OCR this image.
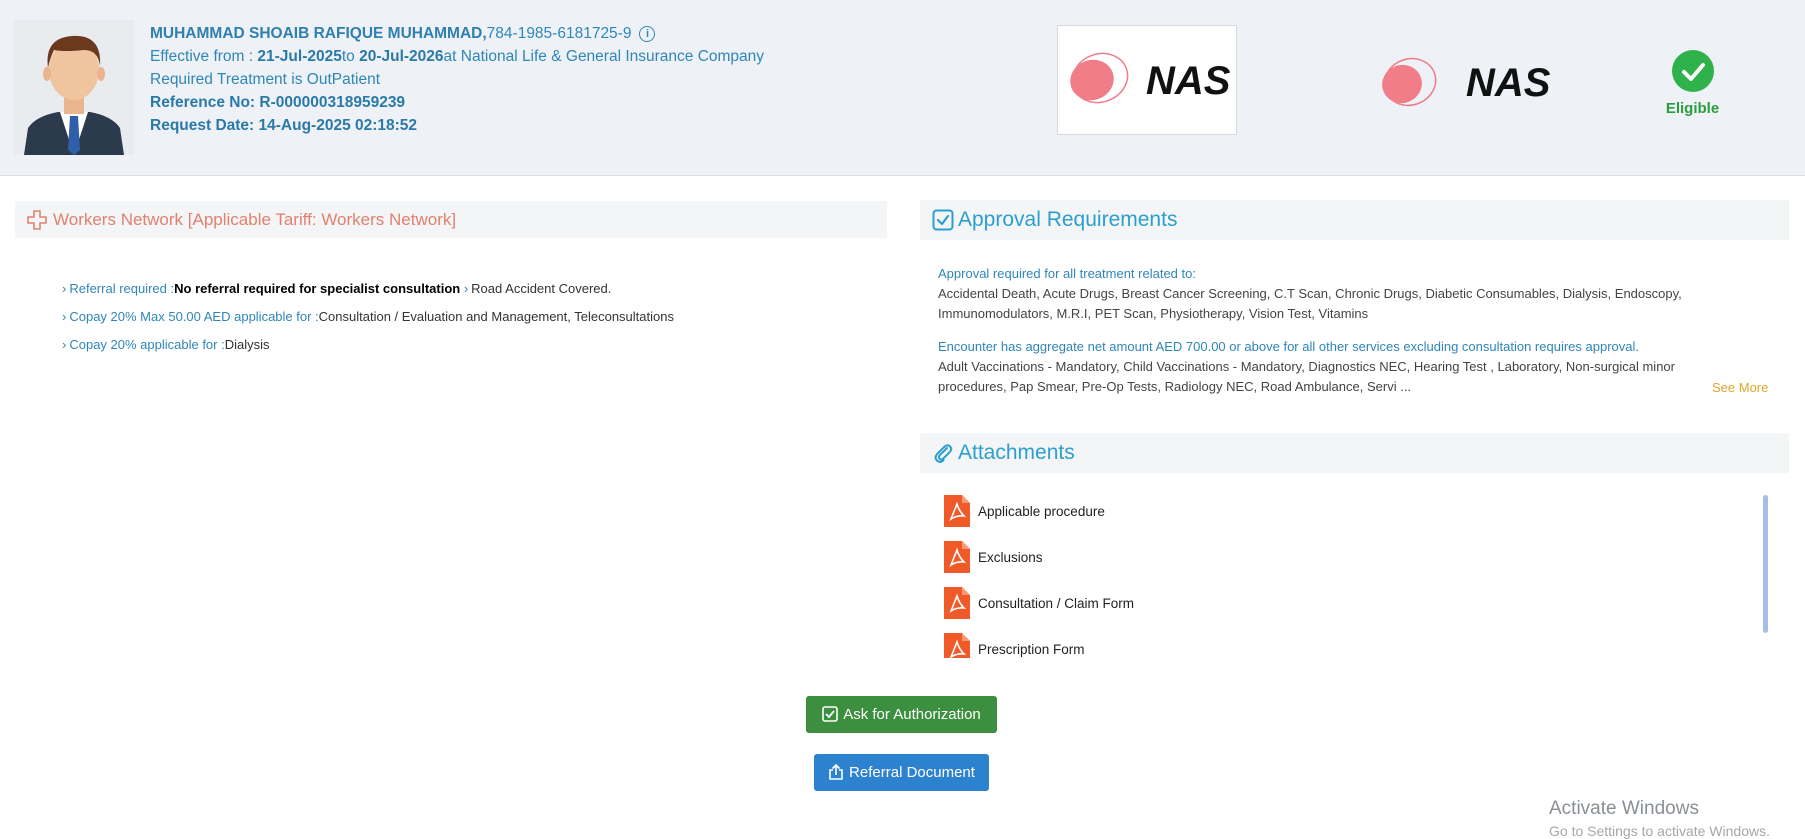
MUHAMMAD SHOAIB RAFIQUE MUHAMMAD,784-1985-6181725-9 i
Effective from : 21-Jul-2025to 20-Jul-2026at National Life & General Insurance Company
Required Treatment is OutPatient
Reference No: R-000000318959239
Request Date: 14-Aug-2025 02:18:52
NAS	NAS
Eligible
Workers Network [Applicable Tariff: Workers Network]
› Referral required :No referral required for specialist consultation › Road Accident Covered.
› Copay 20% Max 50.00 AED applicable for :Consultation / Evaluation and Management, Teleconsultations
› Copay 20% applicable for :Dialysis
Approval Requirements

Approval required for all treatment related to:
Accidental Death, Acute Drugs, Breast Cancer Screening, C.T Scan, Chronic Drugs, Diabetic Consumables, Dialysis, Endoscopy, Immunomodulators, M.R.I, PET Scan, Physiotherapy, Vision Test, Vitamins

Encounter has aggregate net amount AED 700.00 or above for all other services excluding consultation requires approval.
Adult Vaccinations - Mandatory, Child Vaccinations - Mandatory, Diagnostics NEC, Hearing Test , Laboratory, Non-surgical minor procedures, Pap Smear, Pre-Op Tests, Radiology NEC, Road Ambulance, Servi ...	See More
Attachments
Applicable procedure
Exclusions
Consultation / Claim Form
Prescription Form
Ask for Authorization
Referral Document
Activate Windows
Go to Settings to activate Windows.
